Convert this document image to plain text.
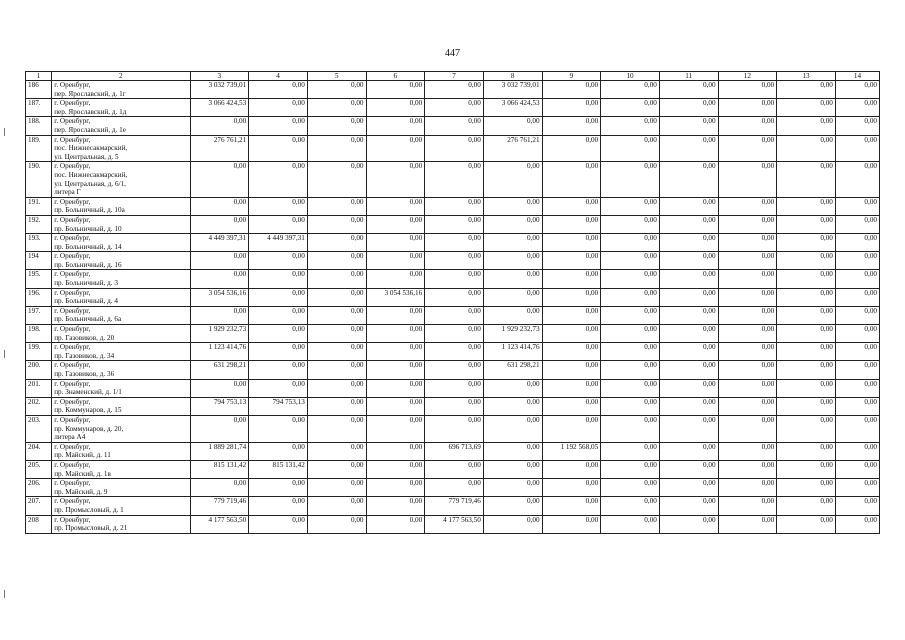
447
1	2	3	4	5	6	7	8	9	10	11	12	13	14
186	г. Оренбург,
пер. Ярославский, д. 1г	3 032 739,01	0,00	0,00	0,00	0,00	3 032 739,01	0,00	0,00	0,00	0,00	0,00	0,00
187.	г. Оренбург,
пер. Ярославский, д. 1д	3 066 424,53	0,00	0,00	0,00	0,00	3 066 424,53	0,00	0,00	0,00	0,00	0,00	0,00
188.	г. Оренбург,
пер. Ярославский, д. 1е	0,00	0,00	0,00	0,00	0,00	0,00	0,00	0,00	0,00	0,00	0,00	0,00
189.	г. Оренбург,
пос. Нижнесакмарский,
ул. Центральная, д. 5	276 761,21	0,00	0,00	0,00	0,00	276 761,21	0,00	0,00	0,00	0,00	0,00	0,00
190.	г. Оренбург,
пос. Нижнесакмарский,
ул. Центральная, д. 6/1,
литера Г	0,00	0,00	0,00	0,00	0,00	0,00	0,00	0,00	0,00	0,00	0,00	0,00
191.	г. Оренбург,
пр. Больничный, д. 10а	0,00	0,00	0,00	0,00	0,00	0,00	0,00	0,00	0,00	0,00	0,00	0,00
192.	г. Оренбург,
пр. Больничный, д. 10	0,00	0,00	0,00	0,00	0,00	0,00	0,00	0,00	0,00	0,00	0,00	0,00
193.	г. Оренбург,
пр. Больничный, д. 14	4 449 397,31	4 449 397,31	0,00	0,00	0,00	0,00	0,00	0,00	0,00	0,00	0,00	0,00
194	г. Оренбург,
пр. Больничный, д. 16	0,00	0,00	0,00	0,00	0,00	0,00	0,00	0,00	0,00	0,00	0,00	0,00
195.	г. Оренбург,
пр. Больничный, д. 3	0,00	0,00	0,00	0,00	0,00	0,00	0,00	0,00	0,00	0,00	0,00	0,00
196.	г. Оренбург,
пр. Больничный, д. 4	3 054 536,16	0,00	0,00	3 054 536,16	0,00	0,00	0,00	0,00	0,00	0,00	0,00	0,00
197.	г. Оренбург,
пр. Больничный, д. 6а	0,00	0,00	0,00	0,00	0,00	0,00	0,00	0,00	0,00	0,00	0,00	0,00
198.	г. Оренбург,
пр. Газовиков, д. 20	1 929 232,73	0,00	0,00	0,00	0,00	1 929 232,73	0,00	0,00	0,00	0,00	0,00	0,00
199.	г. Оренбург,
пр. Газовиков, д. 34	1 123 414,76	0,00	0,00	0,00	0,00	1 123 414,76	0,00	0,00	0,00	0,00	0,00	0,00
200.	г. Оренбург,
пр. Газовиков, д. 36	631 298,21	0,00	0,00	0,00	0,00	631 298,21	0,00	0,00	0,00	0,00	0,00	0,00
201.	г. Оренбург,
пр. Знаменский, д. 1/1	0,00	0,00	0,00	0,00	0,00	0,00	0,00	0,00	0,00	0,00	0,00	0,00
202.	г. Оренбург,
пр. Коммунаров, д. 15	794 753,13	794 753,13	0,00	0,00	0,00	0,00	0,00	0,00	0,00	0,00	0,00	0,00
203.	г. Оренбург,
пр. Коммунаров, д. 20,
литера А4	0,00	0,00	0,00	0,00	0,00	0,00	0,00	0,00	0,00	0,00	0,00	0,00
204.	г. Оренбург,
пр. Майский, д. 11	1 889 281,74	0,00	0,00	0,00	696 713,69	0,00	1 192 568,05	0,00	0,00	0,00	0,00	0,00
205.	г. Оренбург,
пр. Майский, д. 1в	815 131,42	815 131,42	0,00	0,00	0,00	0,00	0,00	0,00	0,00	0,00	0,00	0,00
206.	г. Оренбург,
пр. Майский, д. 9	0,00	0,00	0,00	0,00	0,00	0,00	0,00	0,00	0,00	0,00	0,00	0,00
207.	г. Оренбург,
пр. Промысловый, д. 1	779 719,46	0,00	0,00	0,00	779 719,46	0,00	0,00	0,00	0,00	0,00	0,00	0,00
208	г. Оренбург,
пр. Промысловый, д. 21	4 177 563,50	0,00	0,00	0,00	4 177 563,50	0,00	0,00	0,00	0,00	0,00	0,00	0,00
